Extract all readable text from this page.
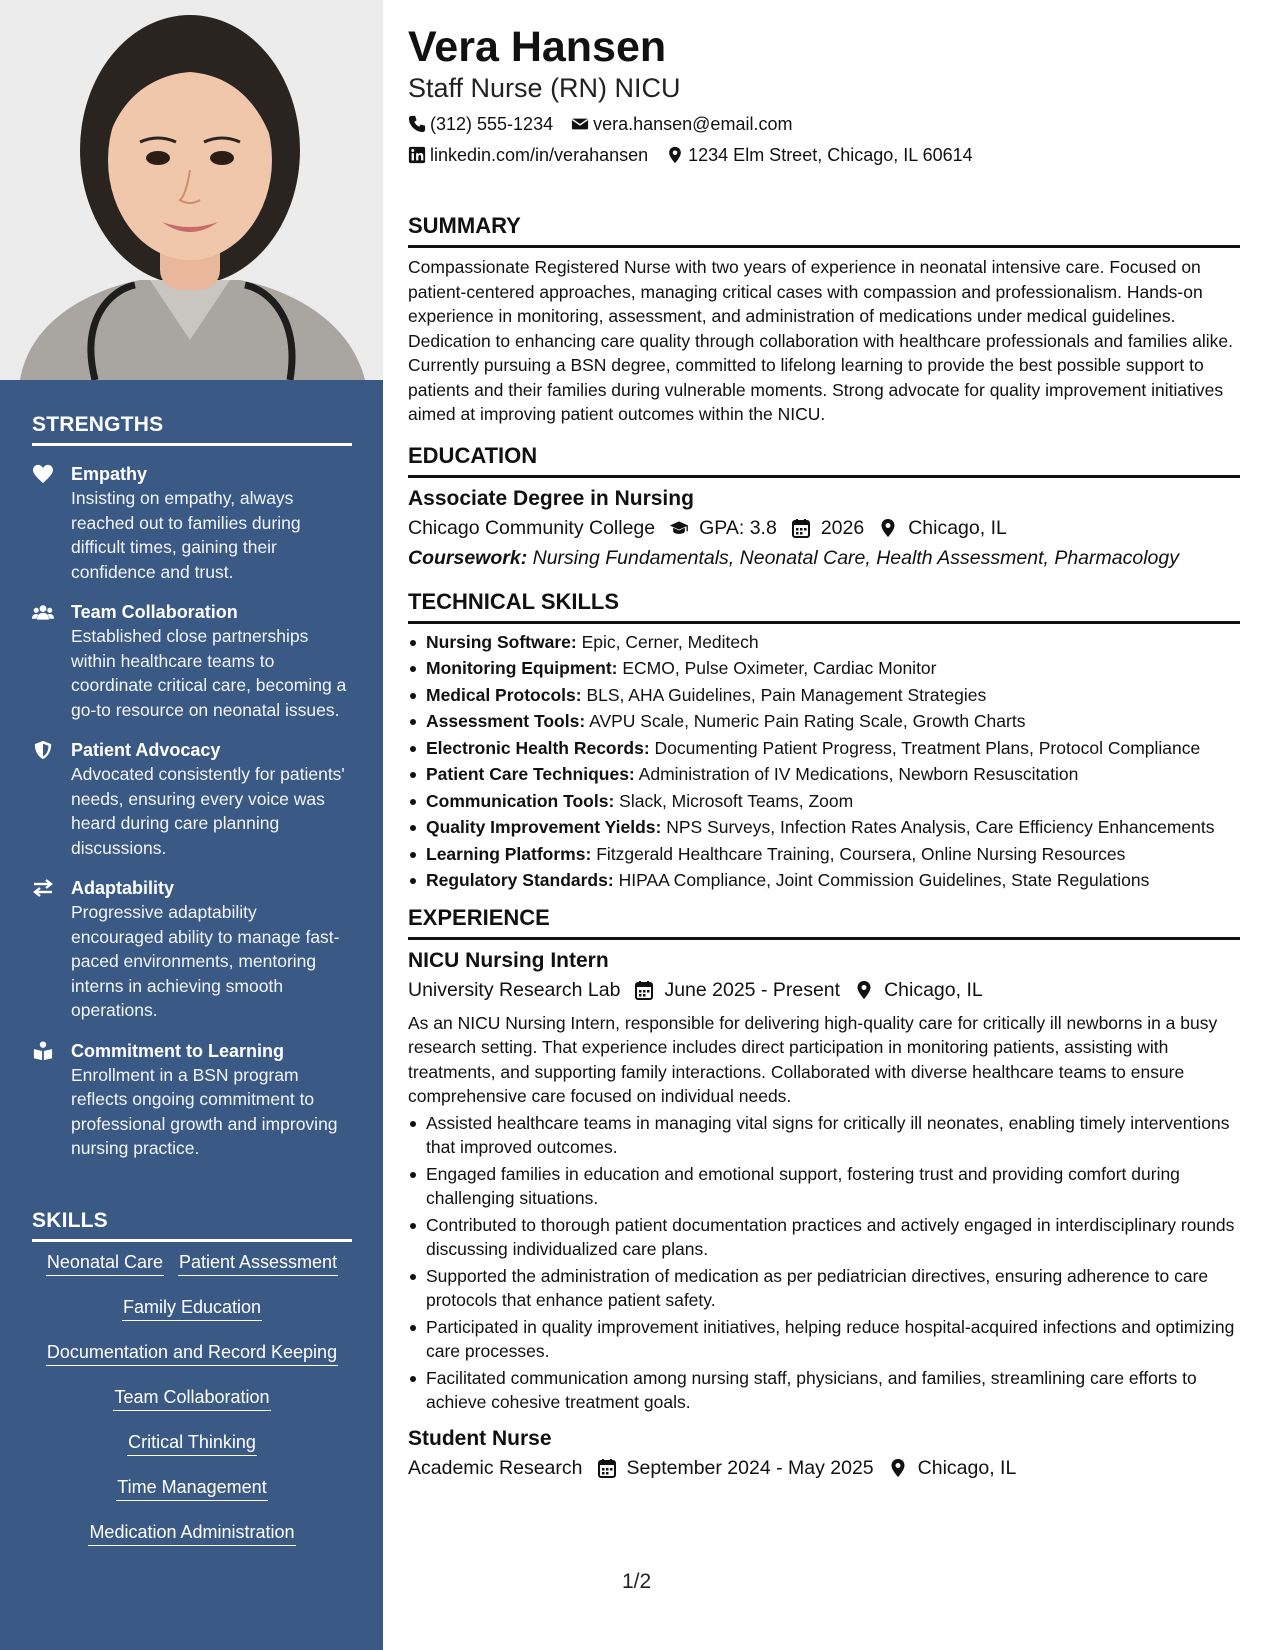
STRENGTHS
Empathy
Insisting on empathy, always reached out to families during difficult times, gaining their confidence and trust.
Team Collaboration
Established close partnerships within healthcare teams to coordinate critical care, becoming a go-to resource on neonatal issues.
Patient Advocacy
Advocated consistently for patients' needs, ensuring every voice was heard during care planning discussions.
Adaptability
Progressive adaptability encouraged ability to manage fast-paced environments, mentoring interns in achieving smooth operations.
Commitment to Learning
Enrollment in a BSN program reflects ongoing commitment to professional growth and improving nursing practice.
SKILLS
Neonatal Care Patient Assessment
Family Education
Documentation and Record Keeping
Team Collaboration
Critical Thinking
Time Management
Medication Administration
Vera Hansen
Staff Nurse (RN) NICU
(312) 555-1234 vera.hansen@email.com
linkedin.com/in/verahansen 1234 Elm Street, Chicago, IL 60614
SUMMARY
Compassionate Registered Nurse with two years of experience in neonatal intensive care. Focused on patient-centered approaches, managing critical cases with compassion and professionalism. Hands-on experience in monitoring, assessment, and administration of medications under medical guidelines. Dedication to enhancing care quality through collaboration with healthcare professionals and families alike. Currently pursuing a BSN degree, committed to lifelong learning to provide the best possible support to patients and their families during vulnerable moments. Strong advocate for quality improvement initiatives aimed at improving patient outcomes within the NICU.
EDUCATION
Associate Degree in Nursing
Chicago Community College GPA: 3.8 2026 Chicago, IL
Coursework: Nursing Fundamentals, Neonatal Care, Health Assessment, Pharmacology
TECHNICAL SKILLS
Nursing Software: Epic, Cerner, Meditech
Monitoring Equipment: ECMO, Pulse Oximeter, Cardiac Monitor
Medical Protocols: BLS, AHA Guidelines, Pain Management Strategies
Assessment Tools: AVPU Scale, Numeric Pain Rating Scale, Growth Charts
Electronic Health Records: Documenting Patient Progress, Treatment Plans, Protocol Compliance
Patient Care Techniques: Administration of IV Medications, Newborn Resuscitation
Communication Tools: Slack, Microsoft Teams, Zoom
Quality Improvement Yields: NPS Surveys, Infection Rates Analysis, Care Efficiency Enhancements
Learning Platforms: Fitzgerald Healthcare Training, Coursera, Online Nursing Resources
Regulatory Standards: HIPAA Compliance, Joint Commission Guidelines, State Regulations
EXPERIENCE
NICU Nursing Intern
University Research Lab June 2025 - Present Chicago, IL
As an NICU Nursing Intern, responsible for delivering high-quality care for critically ill newborns in a busy research setting. That experience includes direct participation in monitoring patients, assisting with treatments, and supporting family interactions. Collaborated with diverse healthcare teams to ensure comprehensive care focused on individual needs.
Assisted healthcare teams in managing vital signs for critically ill neonates, enabling timely interventions that improved outcomes.
Engaged families in education and emotional support, fostering trust and providing comfort during challenging situations.
Contributed to thorough patient documentation practices and actively engaged in interdisciplinary rounds discussing individualized care plans.
Supported the administration of medication as per pediatrician directives, ensuring adherence to care protocols that enhance patient safety.
Participated in quality improvement initiatives, helping reduce hospital-acquired infections and optimizing care processes.
Facilitated communication among nursing staff, physicians, and families, streamlining care efforts to achieve cohesive treatment goals.
Student Nurse
Academic Research September 2024 - May 2025 Chicago, IL
1/2
